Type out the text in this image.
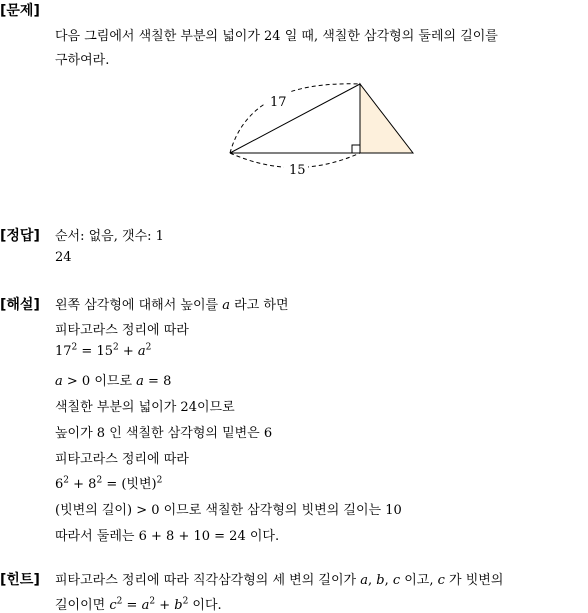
[문제]
다음 그림에서 색칠한 부분의 넓이가 24 일 때, 색칠한 삼각형의 둘레의 길이를
구하여라.
17
15
[정답] 순서: 없음, 갯수: 1
24
[해설] 왼쪽 삼각형에 대해서 높이를 a 라고 하면
피타고라스 정리에 따라
$17^2 = 15^2 + a^2$
a > 0 이므로 a = 8
색칠한 부분의 넓이가 24이므로
높이가 8 인 색칠한 삼각형의 밑변은 6
피타고라스 정리에 따라
$6^2 + 8^2$ = (빗변)$^2$
(빗변의 길이) > 0 이므로 색칠한 삼각형의 빗변의 길이는 10
따라서 둘레는 6 + 8 + 10 = 24 이다.
[힌트] 피타고라스 정리에 따라 직각삼각형의 세 변의 길이가 a, b, c 이고, c 가 빗변의
길이이면 $c^2 = a^2 + b^2$ 이다.
